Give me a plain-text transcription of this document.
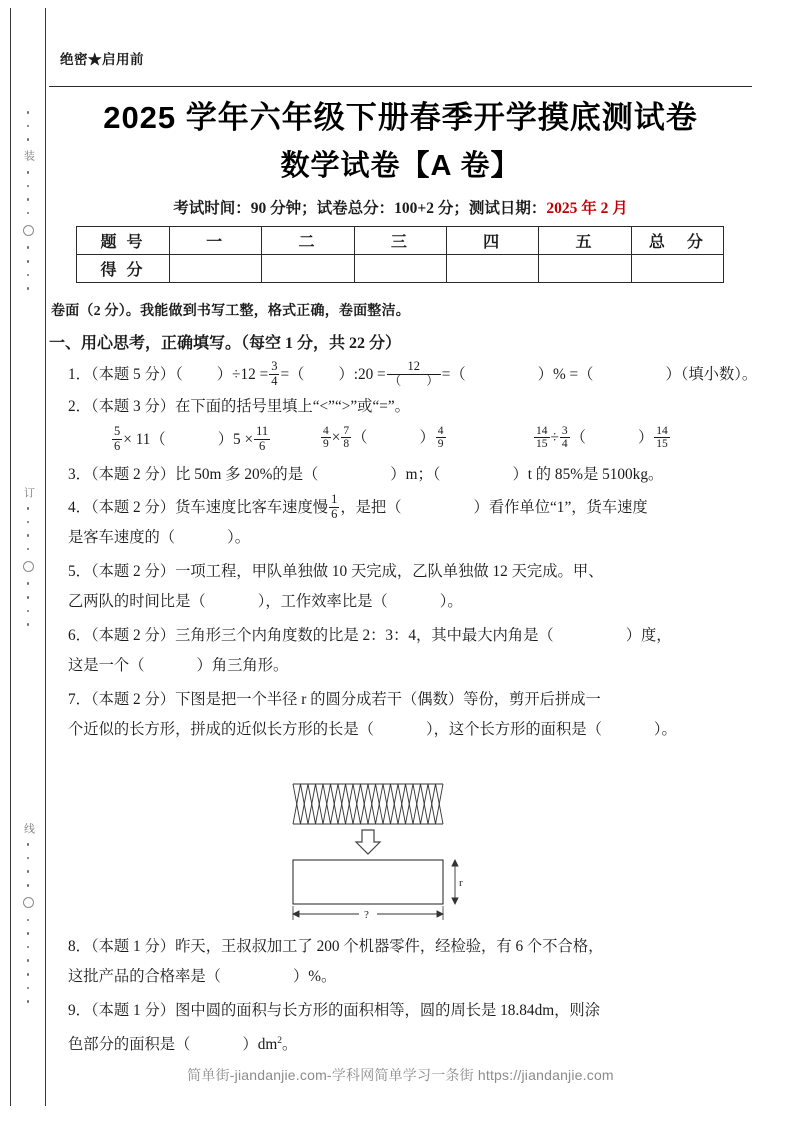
装
订
线
绝密★启用前
2025 学年六年级下册春季开学摸底测试卷
数学试卷【A 卷】
考试时间：90 分钟；试卷总分：100+2 分；测试日期：2025 年 2 月
题 号	一	二	三	四	五	总　分
得 分						
卷面（2 分）。我能做到书写工整，格式正确，卷面整洁。
一、用心思考，正确填写。（每空 1 分，共 22 分）
1．（本题 5 分）（ ）$\div 12 = \frac{3}{4}$ =（ ）:20 = $\frac{12}{( )}$ =（	）% =（	）（填小数）。
2．（本题 3 分）在下面的括号里填上“<”“>”或“=”。
$\frac{5}{6} \times 11$（	）$5 \times \frac{11}{6}$	$\frac{4}{9} \times \frac{7}{8}$ （	） $\frac{4}{9}$	$\frac{14}{15} \div \frac{3}{4}$ （	） $\frac{14}{15}$
3．（本题 2 分）比 50m 多 20%的是（	）m；（	）t 的 85%是 5100kg。
4．（本题 2 分）货车速度比客车速度慢 $\frac{1}{6}$ ，是把（	）看作单位“1”，货车速度
是客车速度的（	）。
5．（本题 2 分）一项工程，甲队单独做 10 天完成，乙队单独做 12 天完成。甲、
乙两队的时间比是（	），工作效率比是（	）。
6．（本题 2 分）三角形三个内角度数的比是 2：3：4，其中最大内角是（	）度，
这是一个（	）角三角形。
7．（本题 2 分）下图是把一个半径 r 的圆分成若干（偶数）等份，剪开后拼成一
个近似的长方形，拼成的近似长方形的长是（	），这个长方形的面积是（	）。
r
?
8．（本题 1 分）昨天，王叔叔加工了 200 个机器零件，经检验，有 6 个不合格，
这批产品的合格率是（	）%。
9．（本题 1 分）图中圆的面积与长方形的面积相等，圆的周长是 18.84dm，则涂
色部分的面积是（	）$dm^2$。
简单街-jiandanjie.com-学科网简单学习一条街 https://jiandanjie.com
